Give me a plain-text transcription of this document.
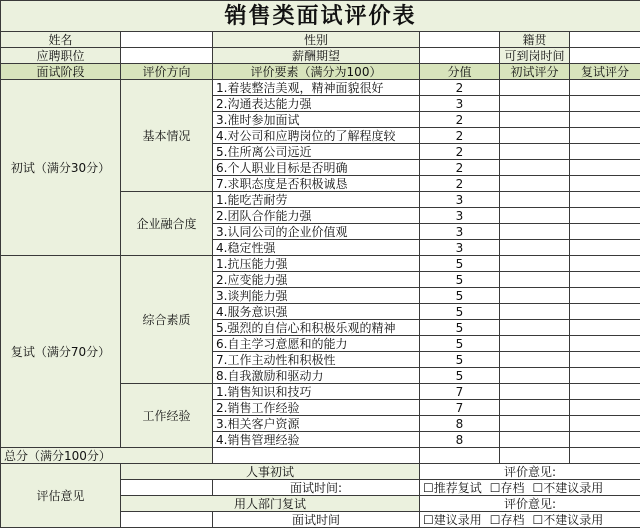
销售类面试评价表					
姓名		性别		籍贯	
应聘职位		薪酬期望		可到岗时间	
面试阶段	评价方向	评价要素（满分为100）	分值	初试评分	复试评分
初试（满分30分）	基本情况	1.着装整洁美观，精神面貌很好	2		
		2.沟通表达能力强	3		
		3.准时参加面试	2		
		4.对公司和应聘岗位的了解程度较	2		
		5.住所离公司远近	2		
		6.个人职业目标是否明确	2		
		7.求职态度是否积极诚恳	2		
	企业融合度	1.能吃苦耐劳	3		
		2.团队合作能力强	3		
		3.认同公司的企业价值观	3		
		4.稳定性强	3		
复试（满分70分）	综合素质	1.抗压能力强	5		
		2.应变能力强	5		
		3.谈判能力强	5		
		4.服务意识强	5		
		5.强烈的自信心和积极乐观的精神	5		
		6.自主学习意愿和的能力	5		
		7.工作主动性和积极性	5		
		8.自我激励和驱动力	5		
	工作经验	1.销售知识和技巧	7		
		2.销售工作经验	7		
		3.相关客户资源	8		
		4.销售管理经验	8		
总分（满分100分）					
评估意见	人事初试		评价意见:		
		面试时间:	☐推荐复试 ☐存档 ☐不建议录用		
	用人部门复试		评价意见:		
		面试时间	☐建议录用 ☐存档 ☐不建议录用		
